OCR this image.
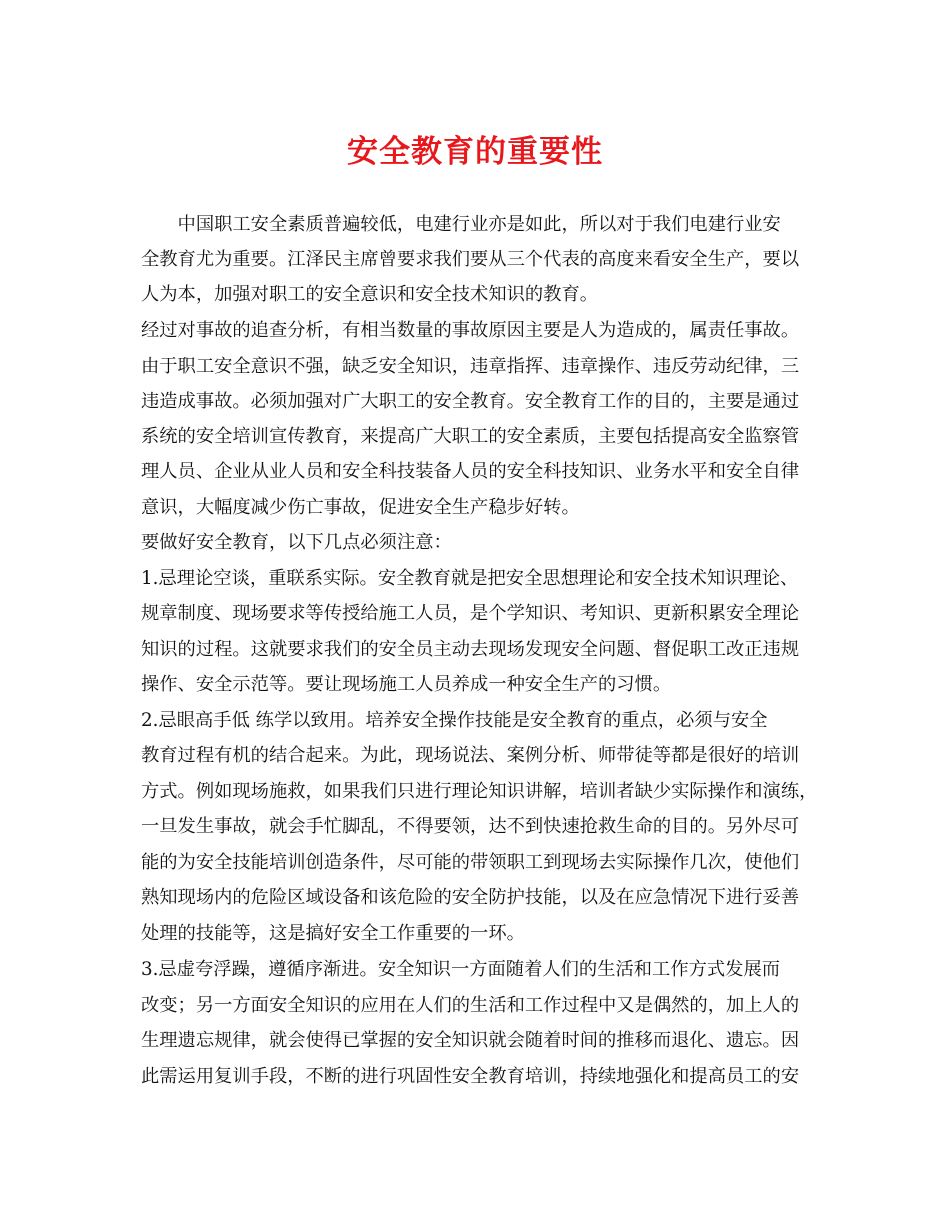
安全教育的重要性
　　中国职工安全素质普遍较低，电建行业亦是如此，所以对于我们电建行业安
全教育尤为重要。江泽民主席曾要求我们要从三个代表的高度来看安全生产，要以
人为本，加强对职工的安全意识和安全技术知识的教育。
经过对事故的追查分析，有相当数量的事故原因主要是人为造成的，属责任事故。
由于职工安全意识不强，缺乏安全知识，违章指挥、违章操作、违反劳动纪律，三
违造成事故。必须加强对广大职工的安全教育。安全教育工作的目的，主要是通过
系统的安全培训宣传教育，来提高广大职工的安全素质，主要包括提高安全监察管
理人员、企业从业人员和安全科技装备人员的安全科技知识、业务水平和安全自律
意识，大幅度减少伤亡事故，促进安全生产稳步好转。
要做好安全教育，以下几点必须注意：
1.忌理论空谈，重联系实际。安全教育就是把安全思想理论和安全技术知识理论、
规章制度、现场要求等传授给施工人员，是个学知识、考知识、更新积累安全理论
知识的过程。这就要求我们的安全员主动去现场发现安全问题、督促职工改正违规
操作、安全示范等。要让现场施工人员养成一种安全生产的习惯。
2.忌眼高手低 练学以致用。培养安全操作技能是安全教育的重点，必须与安全
教育过程有机的结合起来。为此，现场说法、案例分析、师带徒等都是很好的培训
方式。例如现场施救，如果我们只进行理论知识讲解，培训者缺少实际操作和演练，
一旦发生事故，就会手忙脚乱，不得要领，达不到快速抢救生命的目的。另外尽可
能的为安全技能培训创造条件，尽可能的带领职工到现场去实际操作几次，使他们
熟知现场内的危险区域设备和该危险的安全防护技能，以及在应急情况下进行妥善
处理的技能等，这是搞好安全工作重要的一环。
3.忌虚夸浮躁，遵循序渐进。安全知识一方面随着人们的生活和工作方式发展而
改变；另一方面安全知识的应用在人们的生活和工作过程中又是偶然的，加上人的
生理遗忘规律，就会使得已掌握的安全知识就会随着时间的推移而退化、遗忘。因
此需运用复训手段，不断的进行巩固性安全教育培训，持续地强化和提高员工的安
